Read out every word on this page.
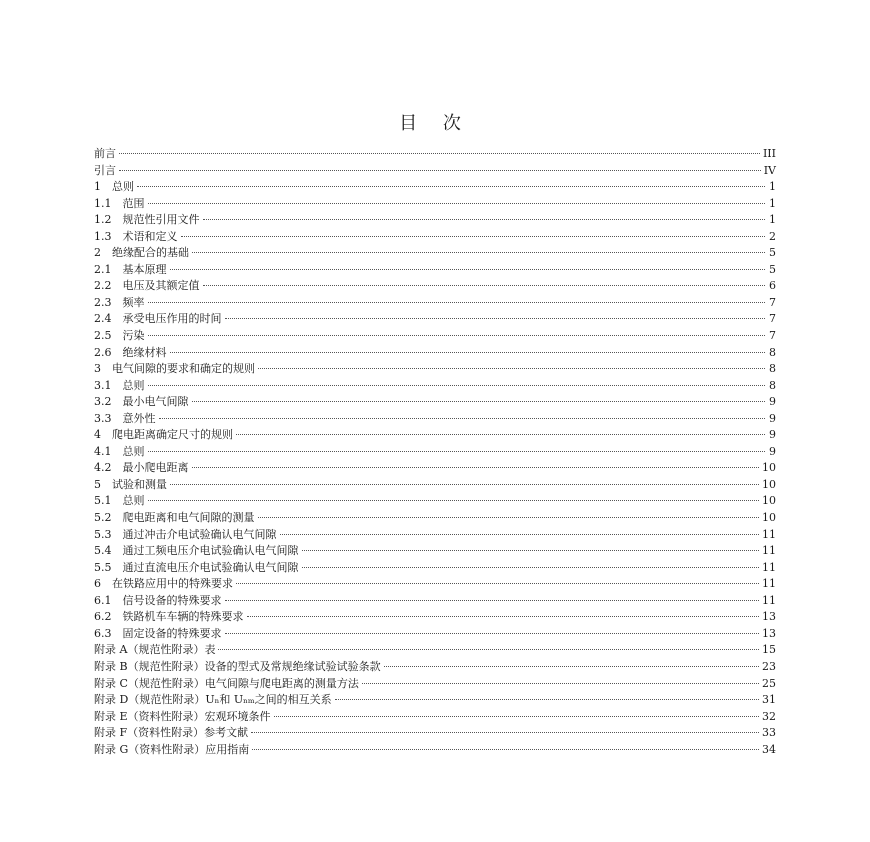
目 次
前言	III
引言	IV
1　总则	1
1.1　范围	1
1.2　规范性引用文件	1
1.3　术语和定义	2
2　绝缘配合的基础	5
2.1　基本原理	5
2.2　电压及其额定值	6
2.3　频率	7
2.4　承受电压作用的时间	7
2.5　污染	7
2.6　绝缘材料	8
3　电气间隙的要求和确定的规则	8
3.1　总则	8
3.2　最小电气间隙	9
3.3　意外性	9
4　爬电距离确定尺寸的规则	9
4.1　总则	9
4.2　最小爬电距离	10
5　试验和测量	10
5.1　总则	10
5.2　爬电距离和电气间隙的测量	10
5.3　通过冲击介电试验确认电气间隙	11
5.4　通过工频电压介电试验确认电气间隙	11
5.5　通过直流电压介电试验确认电气间隙	11
6　在铁路应用中的特殊要求	11
6.1　信号设备的特殊要求	11
6.2　铁路机车车辆的特殊要求	13
6.3　固定设备的特殊要求	13
附录 A（规范性附录）表	15
附录 B（规范性附录）设备的型式及常规绝缘试验试验条款	23
附录 C（规范性附录）电气间隙与爬电距离的测量方法	25
附录 D（规范性附录）Uₙ和 Uₙₘ之间的相互关系	31
附录 E（资料性附录）宏观环境条件	32
附录 F（资料性附录）参考文献	33
附录 G（资料性附录）应用指南	34
